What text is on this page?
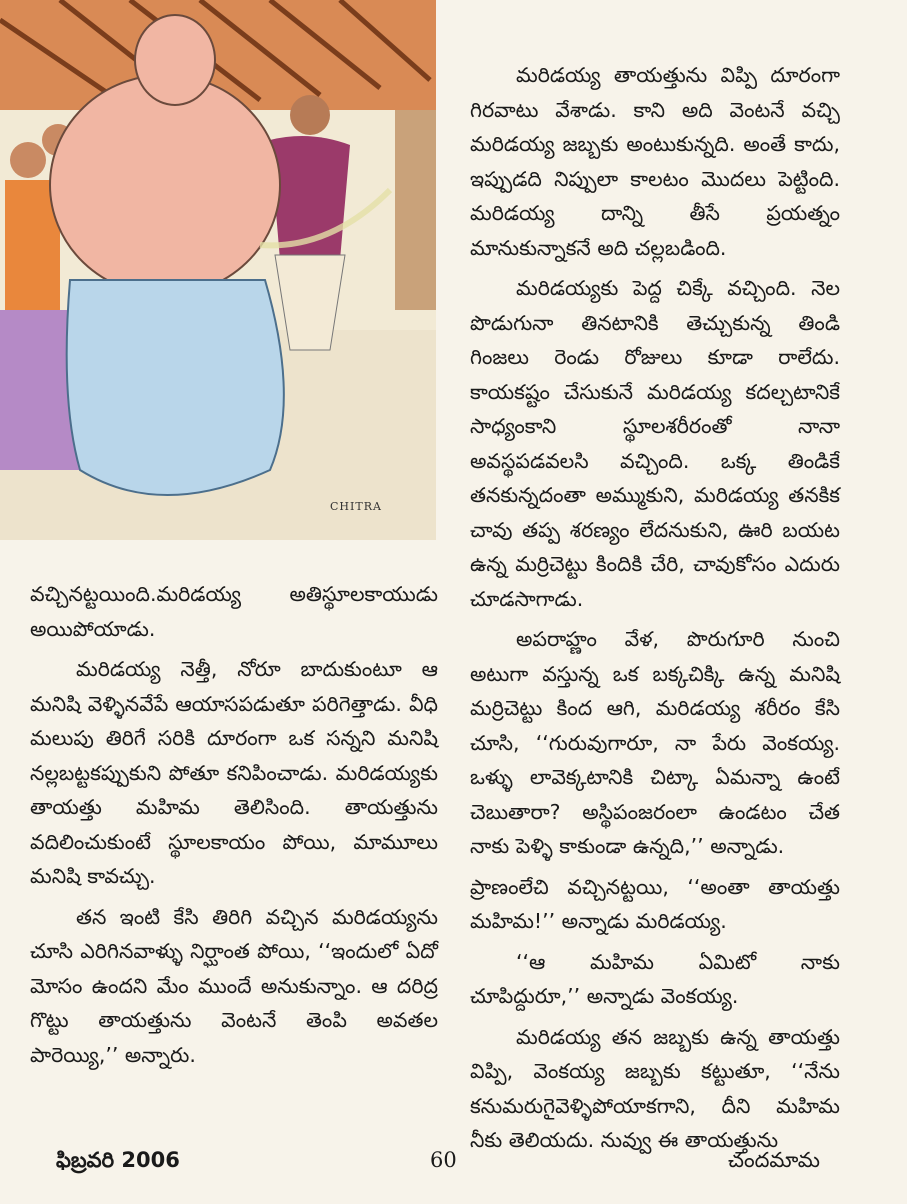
CHITRA

మరిడయ్య తాయత్తును విప్పి దూరంగా గిరవాటు వేశాడు. కాని అది వెంటనే వచ్చి మరిడయ్య జబ్బకు అంటుకున్నది. అంతే కాదు, ఇప్పుడది నిప్పులా కాలటం మొదలు పెట్టింది. మరిడయ్య దాన్ని తీసే ప్రయత్నం మానుకున్నాకనే అది చల్లబడింది.

మరిడయ్యకు పెద్ద చిక్కే వచ్చింది. నెల పొడుగునా తినటానికి తెచ్చుకున్న తిండి గింజలు రెండు రోజులు కూడా రాలేదు. కాయకష్టం చేసుకునే మరిడయ్య కదల్చటానికే సాధ్యంకాని స్థూలశరీరంతో నానా అవస్థపడవలసి వచ్చింది. ఒక్క తిండికే తనకున్నదంతా అమ్ముకుని, మరిడయ్య తనకిక చావు తప్ప శరణ్యం లేదనుకుని, ఊరి బయట ఉన్న మర్రిచెట్టు కిందికి చేరి, చావుకోసం ఎదురు చూడసాగాడు.

అపరాహ్ణం వేళ, పొరుగూరి నుంచి అటుగా వస్తున్న ఒక బక్కచిక్కి ఉన్న మనిషి మర్రిచెట్టు కింద ఆగి, మరిడయ్య శరీరం కేసి చూసి, ‘‘గురువుగారూ, నా పేరు వెంకయ్య. ఒళ్ళు లావెక్కటానికి చిట్కా ఏమన్నా ఉంటే చెబుతారా? అస్థిపంజరంలా ఉండటం చేత నాకు పెళ్ళి కాకుండా ఉన్నది,’’ అన్నాడు.

ప్రాణంలేచి వచ్చినట్టయి, ‘‘అంతా తాయత్తు మహిమ!’’ అన్నాడు మరిడయ్య.

‘‘ఆ మహిమ ఏమిటో నాకు చూపిద్దురూ,’’ అన్నాడు వెంకయ్య.

మరిడయ్య తన జబ్బకు ఉన్న తాయత్తు విప్పి, వెంకయ్య జబ్బకు కట్టుతూ, ‘‘నేను కనుమరుగైవెళ్ళిపోయాకగాని, దీని మహిమ నీకు తెలియదు. నువ్వు ఈ తాయత్తును

వచ్చినట్టయింది.మరిడయ్య అతిస్థూలకాయుడు అయిపోయాడు.

మరిడయ్య నెత్తీ, నోరూ బాదుకుంటూ ఆ మనిషి వెళ్ళినవేపే ఆయాసపడుతూ పరిగెత్తాడు. వీధి మలుపు తిరిగే సరికి దూరంగా ఒక సన్నని మనిషి నల్లబట్టకప్పుకుని పోతూ కనిపించాడు. మరిడయ్యకు తాయత్తు మహిమ తెలిసింది. తాయత్తును వదిలించుకుంటే స్థూలకాయం పోయి, మామూలు మనిషి కావచ్చు.

తన ఇంటి కేసి తిరిగి వచ్చిన మరిడయ్యను చూసి ఎరిగినవాళ్ళు నిర్ఘాంత పోయి, ‘‘ఇందులో ఏదో మోసం ఉందని మేం ముందే అనుకున్నాం. ఆ దరిద్ర గొట్టు తాయత్తును వెంటనే తెంపి అవతల పారెయ్యి,’’ అన్నారు.

ఫిబ్రవరి 2006	60	చందమామ
